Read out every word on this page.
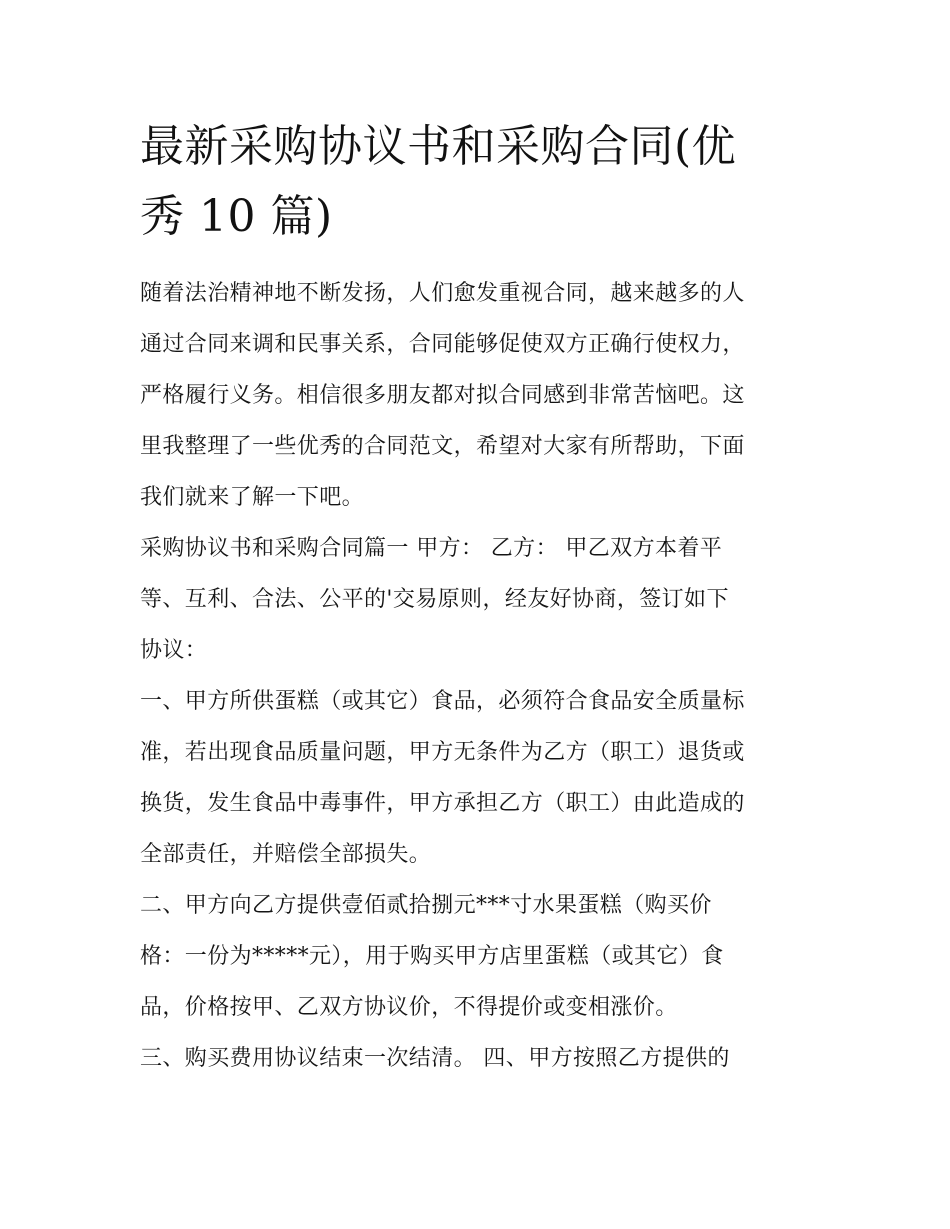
最新采购协议书和采购合同(优
秀 10 篇)
随着法治精神地不断发扬，人们愈发重视合同，越来越多的人
通过合同来调和民事关系，合同能够促使双方正确行使权力，
严格履行义务。相信很多朋友都对拟合同感到非常苦恼吧。这
里我整理了一些优秀的合同范文，希望对大家有所帮助，下面
我们就来了解一下吧。
采购协议书和采购合同篇一 甲方： 乙方： 甲乙双方本着平
等、互利、合法、公平的'交易原则，经友好协商，签订如下
协议：
一、甲方所供蛋糕（或其它）食品，必须符合食品安全质量标
准，若出现食品质量问题，甲方无条件为乙方（职工）退货或
换货，发生食品中毒事件，甲方承担乙方（职工）由此造成的
全部责任，并赔偿全部损失。
二、甲方向乙方提供壹佰贰拾捌元***寸水果蛋糕（购买价
格：一份为*****元），用于购买甲方店里蛋糕（或其它）食
品，价格按甲、乙双方协议价，不得提价或变相涨价。
三、购买费用协议结束一次结清。 四、甲方按照乙方提供的
